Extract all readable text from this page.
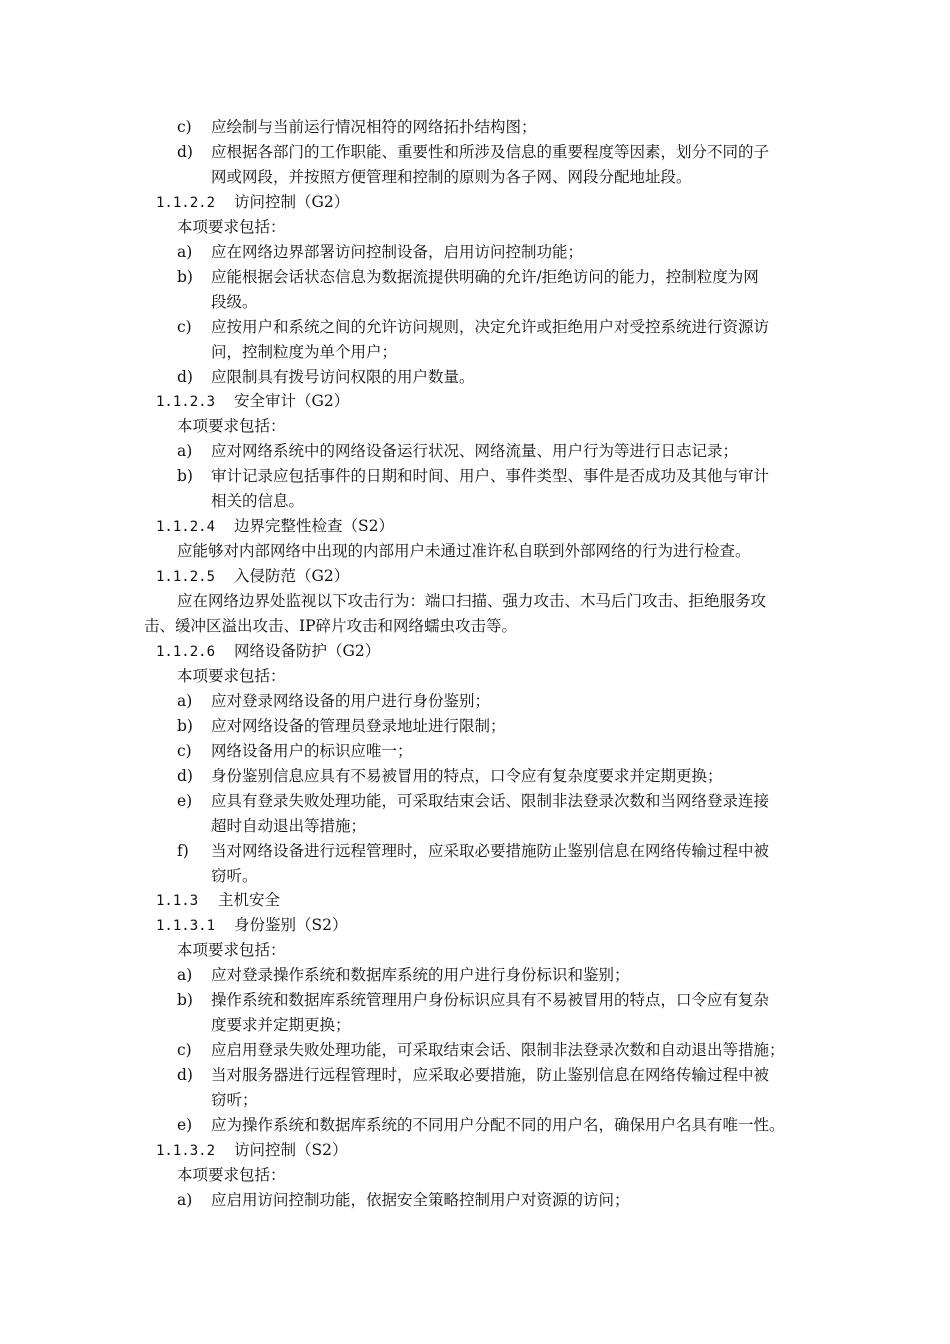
c) 应绘制与当前运行情况相符的网络拓扑结构图；
d) 应根据各部门的工作职能、重要性和所涉及信息的重要程度等因素，划分不同的子
网或网段，并按照方便管理和控制的原则为各子网、网段分配地址段。
1.1.2.2 访问控制（G2）
本项要求包括：
a) 应在网络边界部署访问控制设备，启用访问控制功能；
b) 应能根据会话状态信息为数据流提供明确的允许/拒绝访问的能力，控制粒度为网
段级。
c) 应按用户和系统之间的允许访问规则，决定允许或拒绝用户对受控系统进行资源访
问，控制粒度为单个用户；
d) 应限制具有拨号访问权限的用户数量。
1.1.2.3 安全审计（G2）
本项要求包括：
a) 应对网络系统中的网络设备运行状况、网络流量、用户行为等进行日志记录；
b) 审计记录应包括事件的日期和时间、用户、事件类型、事件是否成功及其他与审计
相关的信息。
1.1.2.4 边界完整性检查（S2）
应能够对内部网络中出现的内部用户未通过准许私自联到外部网络的行为进行检查。
1.1.2.5 入侵防范（G2）
应在网络边界处监视以下攻击行为：端口扫描、强力攻击、木马后门攻击、拒绝服务攻
击、缓冲区溢出攻击、IP碎片攻击和网络蠕虫攻击等。
1.1.2.6 网络设备防护（G2）
本项要求包括：
a) 应对登录网络设备的用户进行身份鉴别；
b) 应对网络设备的管理员登录地址进行限制；
c) 网络设备用户的标识应唯一；
d) 身份鉴别信息应具有不易被冒用的特点，口令应有复杂度要求并定期更换；
e) 应具有登录失败处理功能，可采取结束会话、限制非法登录次数和当网络登录连接
超时自动退出等措施；
f) 当对网络设备进行远程管理时，应采取必要措施防止鉴别信息在网络传输过程中被
窃听。
1.1.3 主机安全
1.1.3.1 身份鉴别（S2）
本项要求包括：
a) 应对登录操作系统和数据库系统的用户进行身份标识和鉴别；
b) 操作系统和数据库系统管理用户身份标识应具有不易被冒用的特点，口令应有复杂
度要求并定期更换；
c) 应启用登录失败处理功能，可采取结束会话、限制非法登录次数和自动退出等措施；
d) 当对服务器进行远程管理时，应采取必要措施，防止鉴别信息在网络传输过程中被
窃听；
e) 应为操作系统和数据库系统的不同用户分配不同的用户名，确保用户名具有唯一性。
1.1.3.2 访问控制（S2）
本项要求包括：
a) 应启用访问控制功能，依据安全策略控制用户对资源的访问；
